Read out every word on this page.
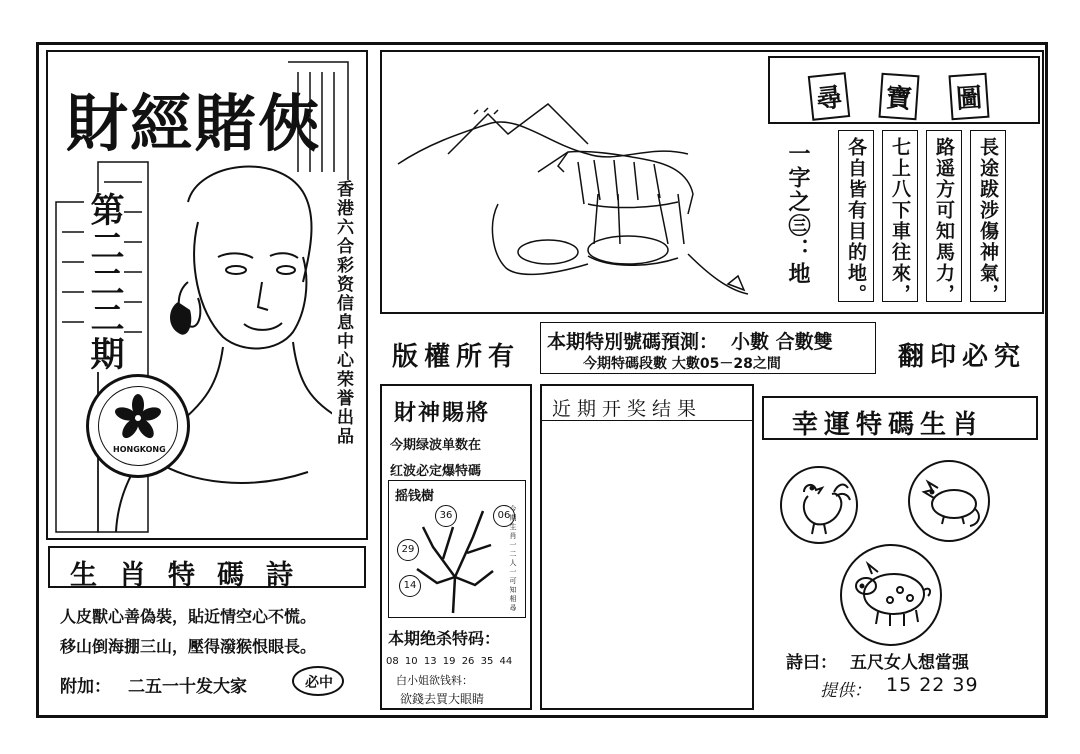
財經賭俠
第二二二期	香港六合彩资信息中心荣誉出品
HONGKONG
生肖特碼詩
人皮獸心善偽裝，貼近情空心不慌。
移山倒海掤三山，壓得潑猴恨眼長。
附加： 二五一十发大家	必中
尋 寶 圖
一字之㊂：地 各自皆有目的地。 七上八下車往來， 路遥方可知馬力， 長途跋涉傷神氣，
版權所有 本期特別號碼預測： 小數 合數雙
今期特碼段數 大數05－28之間	翻印必究
財神賜將
今期绿波单数在
红波必定爆特碼
摇钱樹
36	06
29
14	今期生肖一二人一可知相尋
本期绝杀特码：
08 10 13 19 26 35 44
白小姐欲钱料：
欲錢去買大眼睛
近期开奖结果
幸運特碼生肖
詩曰： 五尺女人想當强
提供： 15 22 39
